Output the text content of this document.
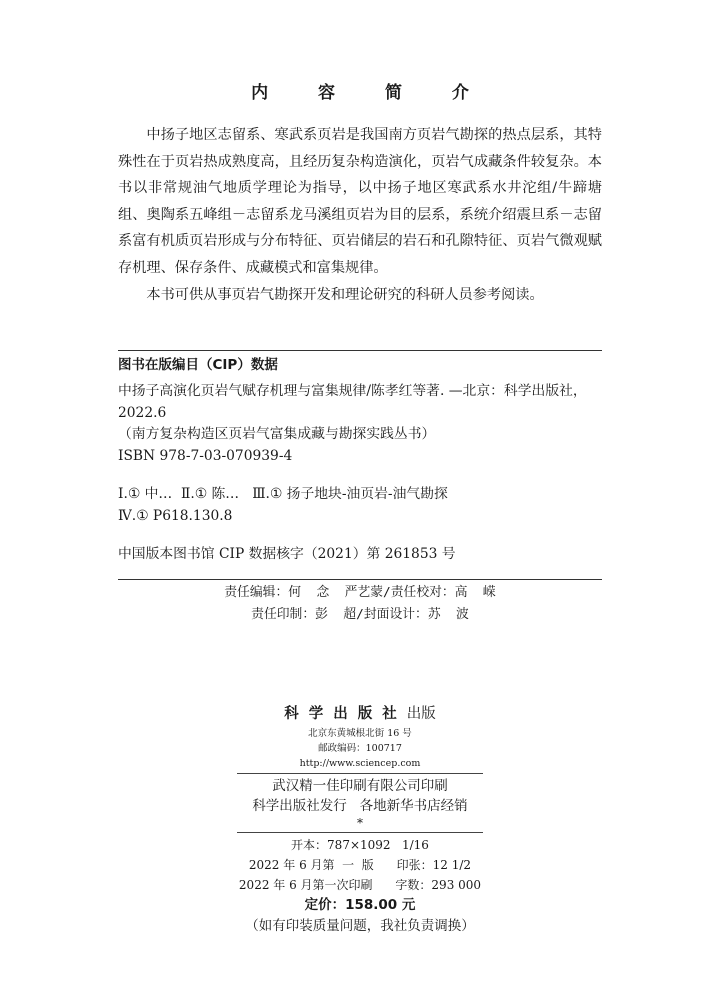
内 容 简 介

中扬子地区志留系、寒武系页岩是我国南方页岩气勘探的热点层系，其特殊性在于页岩热成熟度高，且经历复杂构造演化，页岩气成藏条件较复杂。本书以非常规油气地质学理论为指导，以中扬子地区寒武系水井沱组/牛蹄塘组、奥陶系五峰组－志留系龙马溪组页岩为目的层系，系统介绍震旦系－志留系富有机质页岩形成与分布特征、页岩储层的岩石和孔隙特征、页岩气微观赋存机理、保存条件、成藏模式和富集规律。

本书可供从事页岩气勘探开发和理论研究的科研人员参考阅读。

图书在版编目（CIP）数据
中扬子高演化页岩气赋存机理与富集规律/陈孝红等著. —北京：科学出版社，2022.6
（南方复杂构造区页岩气富集成藏与勘探实践丛书）
ISBN 978-7-03-070939-4
Ⅰ.① 中…  Ⅱ.① 陈…   Ⅲ.① 扬子地块-油页岩-油气勘探
Ⅳ.① P618.130.8
中国版本图书馆 CIP 数据核字（2021）第 261853 号
责任编辑：何  念  严艺蒙/责任校对：高  嵘
责任印制：彭  超/封面设计：苏  波
科学出版社出版
北京东黄城根北街 16 号
邮政编码：100717
http://www.sciencep.com
武汉精一佳印刷有限公司印刷
科学出版社发行   各地新华书店经销
*
开本：787×1092   1/16
2022 年 6 月第  一  版      印张：12 1/2
2022 年 6 月第一次印刷      字数：293 000
定价：158.00 元
（如有印装质量问题，我社负责调换）
